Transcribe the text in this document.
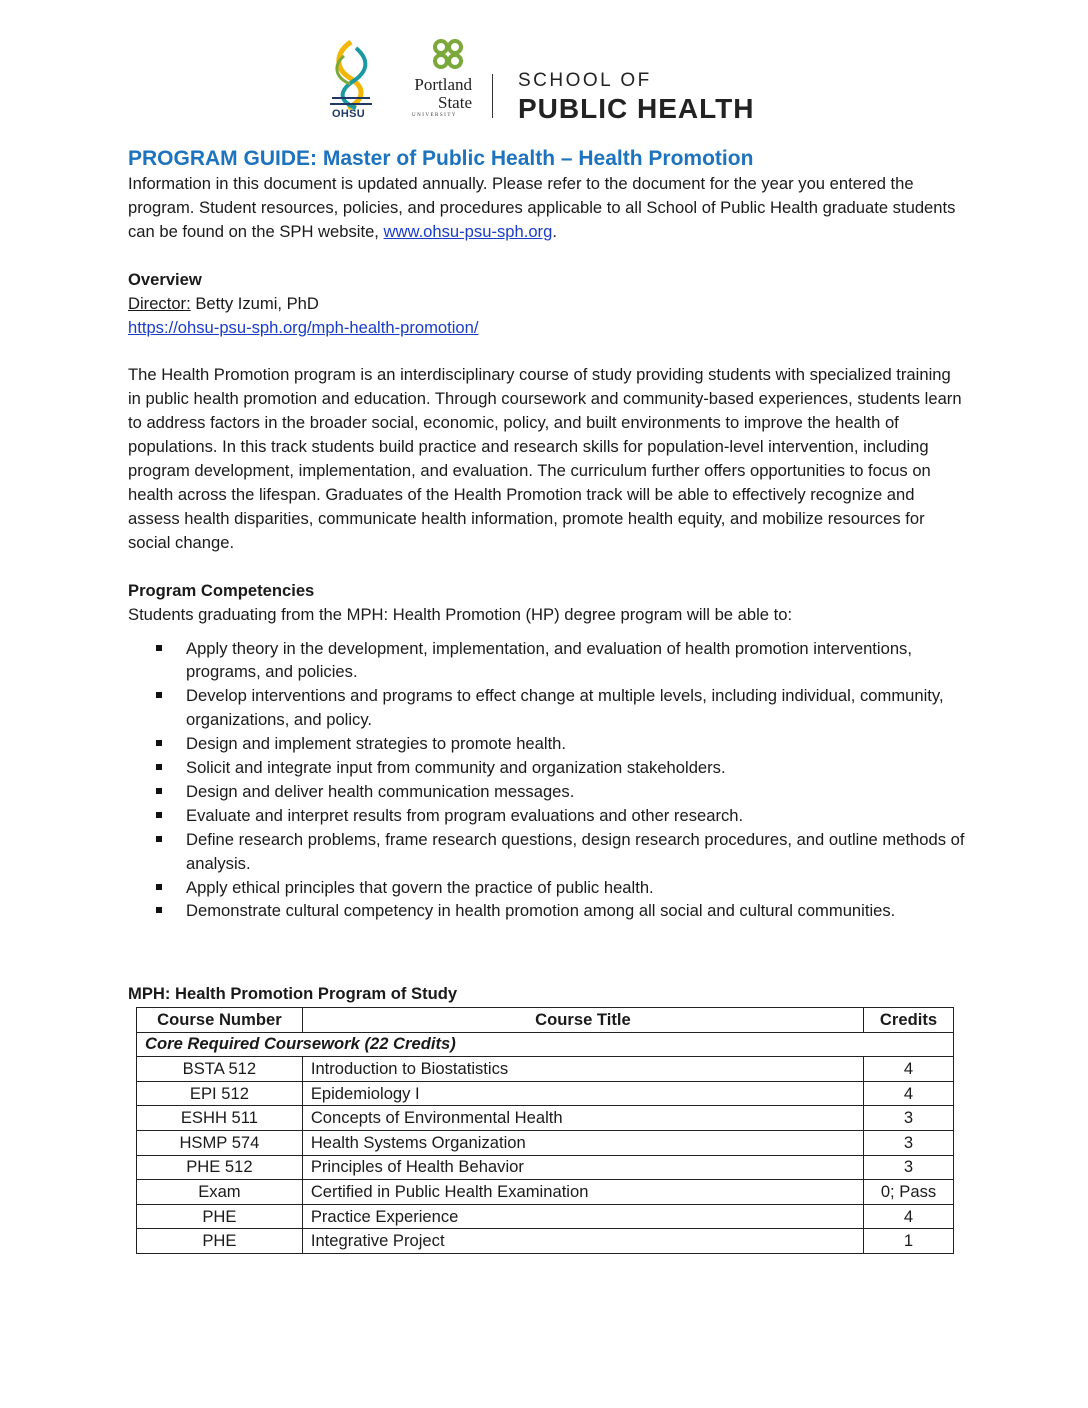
OHSU
Portland
State
UNIVERSITY
SCHOOL OF
PUBLIC HEALTH
PROGRAM GUIDE: Master of Public Health – Health Promotion

Information in this document is updated annually. Please refer to the document for the year you entered the program. Student resources, policies, and procedures applicable to all School of Public Health graduate students can be found on the SPH website, www.ohsu-psu-sph.org.

Overview

Director: Betty Izumi, PhD

https://ohsu-psu-sph.org/mph-health-promotion/

The Health Promotion program is an interdisciplinary course of study providing students with specialized training in public health promotion and education. Through coursework and community-based experiences, students learn to address factors in the broader social, economic, policy, and built environments to improve the health of populations. In this track students build practice and research skills for population-level intervention, including program development, implementation, and evaluation. The curriculum further offers opportunities to focus on health across the lifespan. Graduates of the Health Promotion track will be able to effectively recognize and assess health disparities, communicate health information, promote health equity, and mobilize resources for social change.

Program Competencies

Students graduating from the MPH: Health Promotion (HP) degree program will be able to:

Apply theory in the development, implementation, and evaluation of health promotion interventions, programs, and policies.
Develop interventions and programs to effect change at multiple levels, including individual, community, organizations, and policy.
Design and implement strategies to promote health.
Solicit and integrate input from community and organization stakeholders.
Design and deliver health communication messages.
Evaluate and interpret results from program evaluations and other research.
Define research problems, frame research questions, design research procedures, and outline methods of analysis.
Apply ethical principles that govern the practice of public health.
Demonstrate cultural competency in health promotion among all social and cultural communities.
MPH: Health Promotion Program of Study
Course Number	Course Title	Credits
Core Required Coursework (22 Credits)		
BSTA 512	Introduction to Biostatistics	4
EPI 512	Epidemiology I	4
ESHH 511	Concepts of Environmental Health	3
HSMP 574	Health Systems Organization	3
PHE 512	Principles of Health Behavior	3
Exam	Certified in Public Health Examination	0; Pass
PHE	Practice Experience	4
PHE	Integrative Project	1
